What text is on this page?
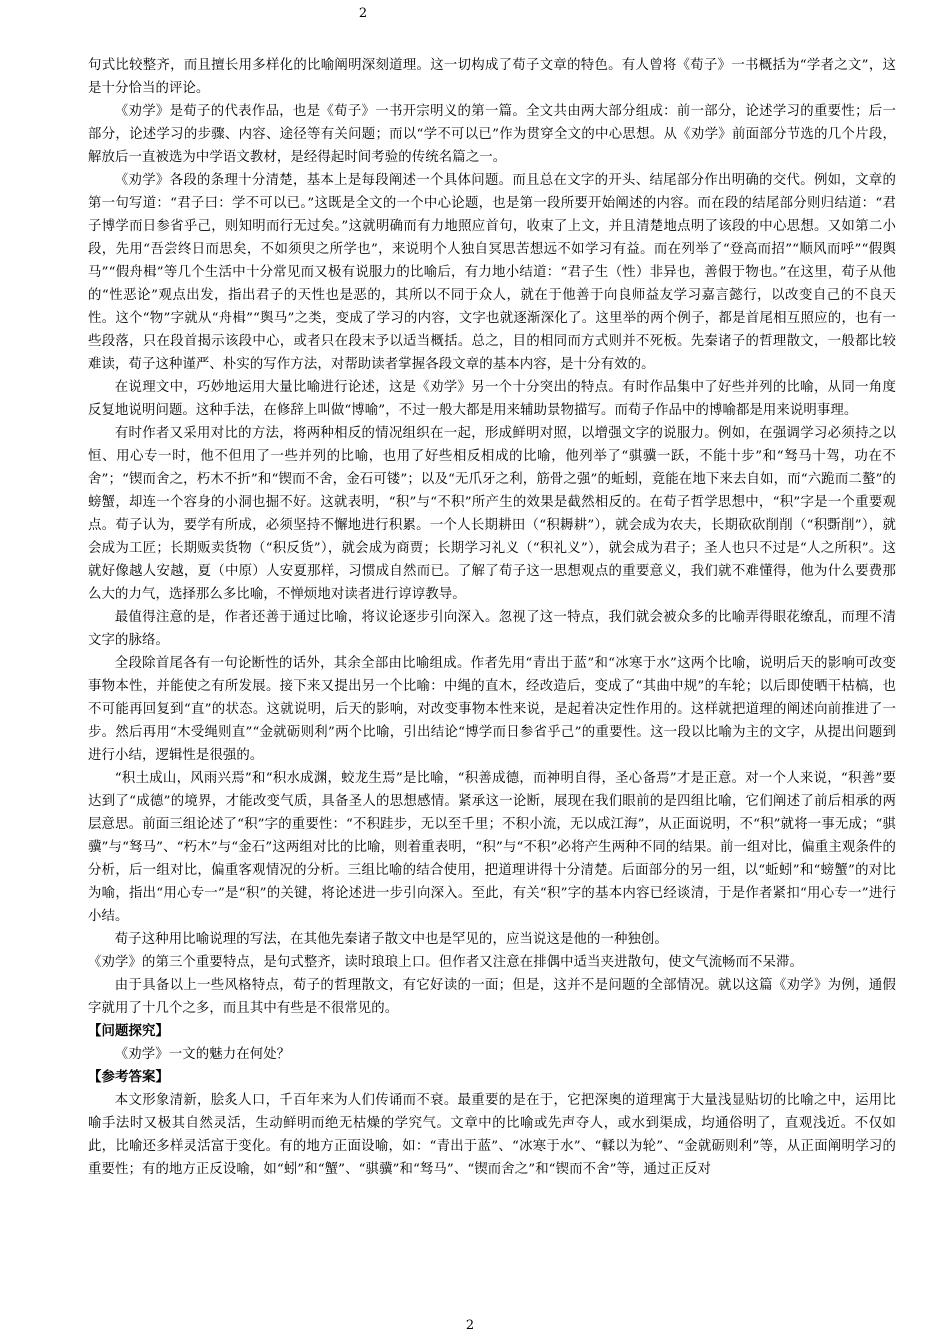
2

句式比较整齐，而且擅长用多样化的比喻阐明深刻道理。这一切构成了荀子文章的特色。有人曾将《荀子》一书概括为“学者之文”，这是十分恰当的评论。

《劝学》是荀子的代表作品，也是《荀子》一书开宗明义的第一篇。全文共由两大部分组成：前一部分，论述学习的重要性；后一部分，论述学习的步骤、内容、途径等有关问题；而以“学不可以已”作为贯穿全文的中心思想。从《劝学》前面部分节选的几个片段，解放后一直被选为中学语文教材，是经得起时间考验的传统名篇之一。

《劝学》各段的条理十分清楚，基本上是每段阐述一个具体问题。而且总在文字的开头、结尾部分作出明确的交代。例如，文章的第一句写道：“君子曰：学不可以已。”这既是全文的一个中心论题，也是第一段所要开始阐述的内容。而在段的结尾部分则归结道：“君子博学而日参省乎己，则知明而行无过矣。”这就明确而有力地照应首句，收束了上文，并且清楚地点明了该段的中心思想。又如第二小段，先用“吾尝终日而思矣，不如须臾之所学也”，来说明个人独自冥思苦想远不如学习有益。而在列举了“登高而招”“顺风而呼”“假舆马”“假舟楫”等几个生活中十分常见而又极有说服力的比喻后，有力地小结道：“君子生（性）非异也，善假于物也。”在这里，荀子从他的“性恶论”观点出发，指出君子的天性也是恶的，其所以不同于众人，就在于他善于向良师益友学习嘉言懿行，以改变自己的不良天性。这个“物”字就从“舟楫”“舆马”之类，变成了学习的内容，文字也就逐渐深化了。这里举的两个例子，都是首尾相互照应的，也有一些段落，只在段首揭示该段中心，或者只在段末予以适当概括。总之，目的相同而方式则并不死板。先秦诸子的哲理散文，一般都比较难读，荀子这种谨严、朴实的写作方法，对帮助读者掌握各段文章的基本内容，是十分有效的。

在说理文中，巧妙地运用大量比喻进行论述，这是《劝学》另一个十分突出的特点。有时作品集中了好些并列的比喻，从同一角度反复地说明问题。这种手法，在修辞上叫做“博喻”，不过一般大都是用来辅助景物描写。而荀子作品中的博喻都是用来说明事理。

有时作者又采用对比的方法，将两种相反的情况组织在一起，形成鲜明对照，以增强文字的说服力。例如，在强调学习必须持之以恒、用心专一时，他不但用了一些并列的比喻，也用了好些相反相成的比喻，他列举了“骐骥一跃，不能十步”和“驽马十驾，功在不舍”；“锲而舍之，朽木不折”和“锲而不舍，金石可镂”；以及“无爪牙之利，筋骨之强”的蚯蚓，竟能在地下来去自如，而“六跪而二螯”的螃蟹，却连一个容身的小洞也掘不好。这就表明，“积”与“不积”所产生的效果是截然相反的。在荀子哲学思想中，“积”字是一个重要观点。荀子认为，要学有所成，必须坚持不懈地进行积累。一个人长期耕田（“积耨耕”），就会成为农夫，长期砍砍削削（“积斲削”），就会成为工匠；长期贩卖货物（“积反货”），就会成为商贾；长期学习礼义（“积礼义”），就会成为君子；圣人也只不过是“人之所积”。这就好像越人安越，夏（中原）人安夏那样，习惯成自然而已。了解了荀子这一思想观点的重要意义，我们就不难懂得，他为什么要费那么大的力气，选择那么多比喻，不惮烦地对读者进行谆谆教导。

最值得注意的是，作者还善于通过比喻，将议论逐步引向深入。忽视了这一特点，我们就会被众多的比喻弄得眼花缭乱，而理不清文字的脉络。

全段除首尾各有一句论断性的话外，其余全部由比喻组成。作者先用“青出于蓝”和“冰寒于水”这两个比喻，说明后天的影响可改变事物本性，并能使之有所发展。接下来又提出另一个比喻：中绳的直木，经改造后，变成了“其曲中规”的车轮；以后即使晒干枯槁，也不可能再回复到“直”的状态。这就说明，后天的影响，对改变事物本性来说，是起着决定性作用的。这样就把道理的阐述向前推进了一步。然后再用“木受绳则直”“金就砺则利”两个比喻，引出结论“博学而日参省乎己”的重要性。这一段以比喻为主的文字，从提出问题到进行小结，逻辑性是很强的。

“积土成山，风雨兴焉”和“积水成渊，蛟龙生焉”是比喻，“积善成德，而神明自得，圣心备焉”才是正意。对一个人来说，“积善”要达到了“成德”的境界，才能改变气质，具备圣人的思想感情。紧承这一论断，展现在我们眼前的是四组比喻，它们阐述了前后相承的两层意思。前面三组论述了“积”字的重要性：“不积跬步，无以至千里；不积小流，无以成江海”，从正面说明，不“积”就将一事无成；“骐骥”与“驽马”、“朽木”与“金石”这两组对比的比喻，则着重表明，“积”与“不积”必将产生两种不同的结果。前一组对比，偏重主观条件的分析，后一组对比，偏重客观情况的分析。三组比喻的结合使用，把道理讲得十分清楚。后面部分的另一组，以“蚯蚓”和“螃蟹”的对比为喻，指出“用心专一”是“积”的关键，将论述进一步引向深入。至此，有关“积”字的基本内容已经谈清，于是作者紧扣“用心专一”进行小结。

荀子这种用比喻说理的写法，在其他先秦诸子散文中也是罕见的，应当说这是他的一种独创。

《劝学》的第三个重要特点，是句式整齐，读时琅琅上口。但作者又注意在排偶中适当夹进散句，使文气流畅而不呆滞。

由于具备以上一些风格特点，荀子的哲理散文，有它好读的一面；但是，这并不是问题的全部情况。就以这篇《劝学》为例，通假字就用了十几个之多，而且其中有些是不很常见的。

【问题探究】

《劝学》一文的魅力在何处？

【参考答案】

本文形象清新，脍炙人口，千百年来为人们传诵而不衰。最重要的是在于，它把深奥的道理寓于大量浅显贴切的比喻之中，运用比喻手法时又极其自然灵活，生动鲜明而绝无枯燥的学究气。文章中的比喻或先声夺人，或水到渠成，均通俗明了，直观浅近。不仅如此，比喻还多样灵活富于变化。有的地方正面设喻，如：“青出于蓝”、“冰寒于水”、“輮以为轮”、“金就砺则利”等，从正面阐明学习的重要性；有的地方正反设喻，如“蚓”和“蟹”、“骐骥”和“驽马”、“锲而舍之”和“锲而不舍”等，通过正反对

2
